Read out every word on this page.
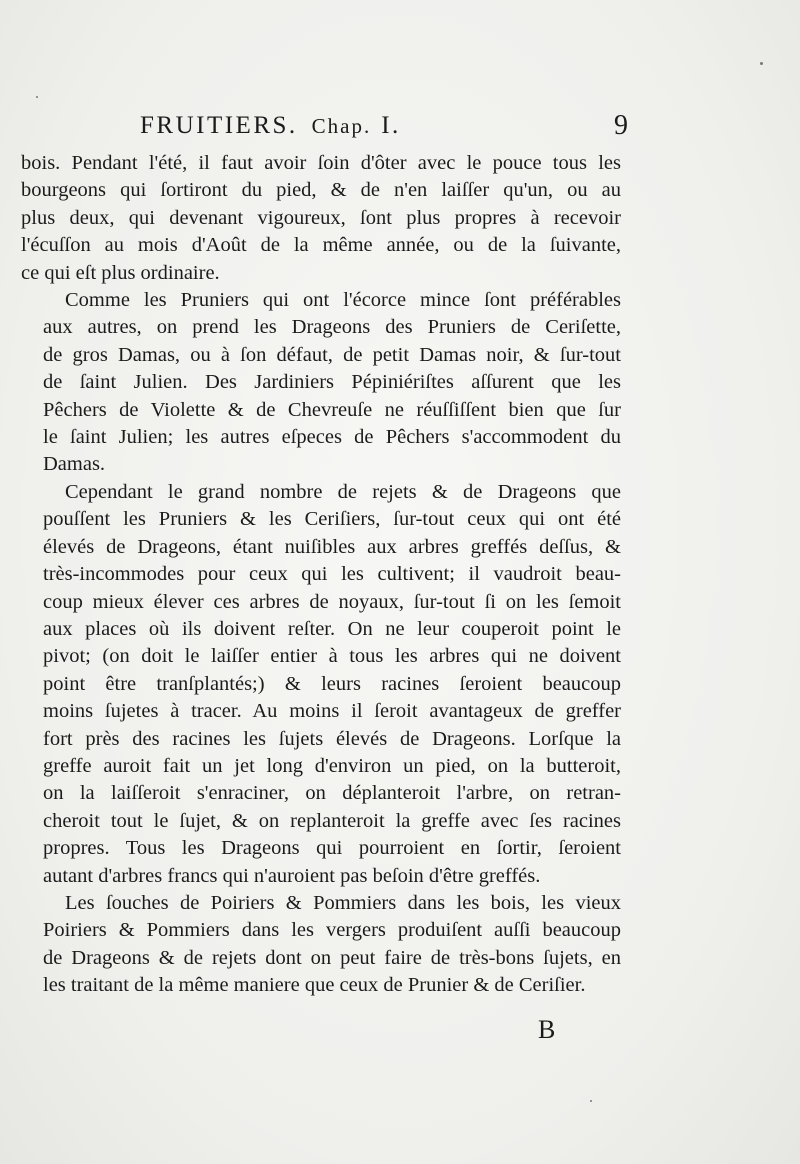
FRUITIERS. Chap. I.	9

bois. Pendant l'été, il faut avoir ſoin d'ôter avec le pouce tous les
bourgeons qui ſortiront du pied, & de n'en laiſſer qu'un, ou au
plus deux, qui devenant vigoureux, ſont plus propres à recevoir
l'écuſſon au mois d'Août de la même année, ou de la ſuivante,
ce qui eſt plus ordinaire.

Comme les Pruniers qui ont l'écorce mince ſont préférables
aux autres, on prend les Drageons des Pruniers de Ceriſette,
de gros Damas, ou à ſon défaut, de petit Damas noir, & ſur-tout
de ſaint Julien. Des Jardiniers Pépiniériſtes aſſurent que les
Pêchers de Violette & de Chevreuſe ne réuſſiſſent bien que ſur
le ſaint Julien; les autres eſpeces de Pêchers s'accommodent du
Damas.

Cependant le grand nombre de rejets & de Drageons que
pouſſent les Pruniers & les Ceriſiers, ſur-tout ceux qui ont été
élevés de Drageons, étant nuiſibles aux arbres greffés deſſus, &
très-incommodes pour ceux qui les cultivent; il vaudroit beau-
coup mieux élever ces arbres de noyaux, ſur-tout ſi on les ſemoit
aux places où ils doivent reſter. On ne leur couperoit point le
pivot; (on doit le laiſſer entier à tous les arbres qui ne doivent
point être tranſplantés;) & leurs racines ſeroient beaucoup
moins ſujetes à tracer. Au moins il ſeroit avantageux de greffer
fort près des racines les ſujets élevés de Drageons. Lorſque la
greffe auroit fait un jet long d'environ un pied, on la butteroit,
on la laiſſeroit s'enraciner, on déplanteroit l'arbre, on retran-
cheroit tout le ſujet, & on replanteroit la greffe avec ſes racines
propres. Tous les Drageons qui pourroient en ſortir, ſeroient
autant d'arbres francs qui n'auroient pas beſoin d'être greffés.

Les ſouches de Poiriers & Pommiers dans les bois, les vieux
Poiriers & Pommiers dans les vergers produiſent auſſi beaucoup
de Drageons & de rejets dont on peut faire de très-bons ſujets, en
les traitant de la même maniere que ceux de Prunier & de Ceriſier.

B
